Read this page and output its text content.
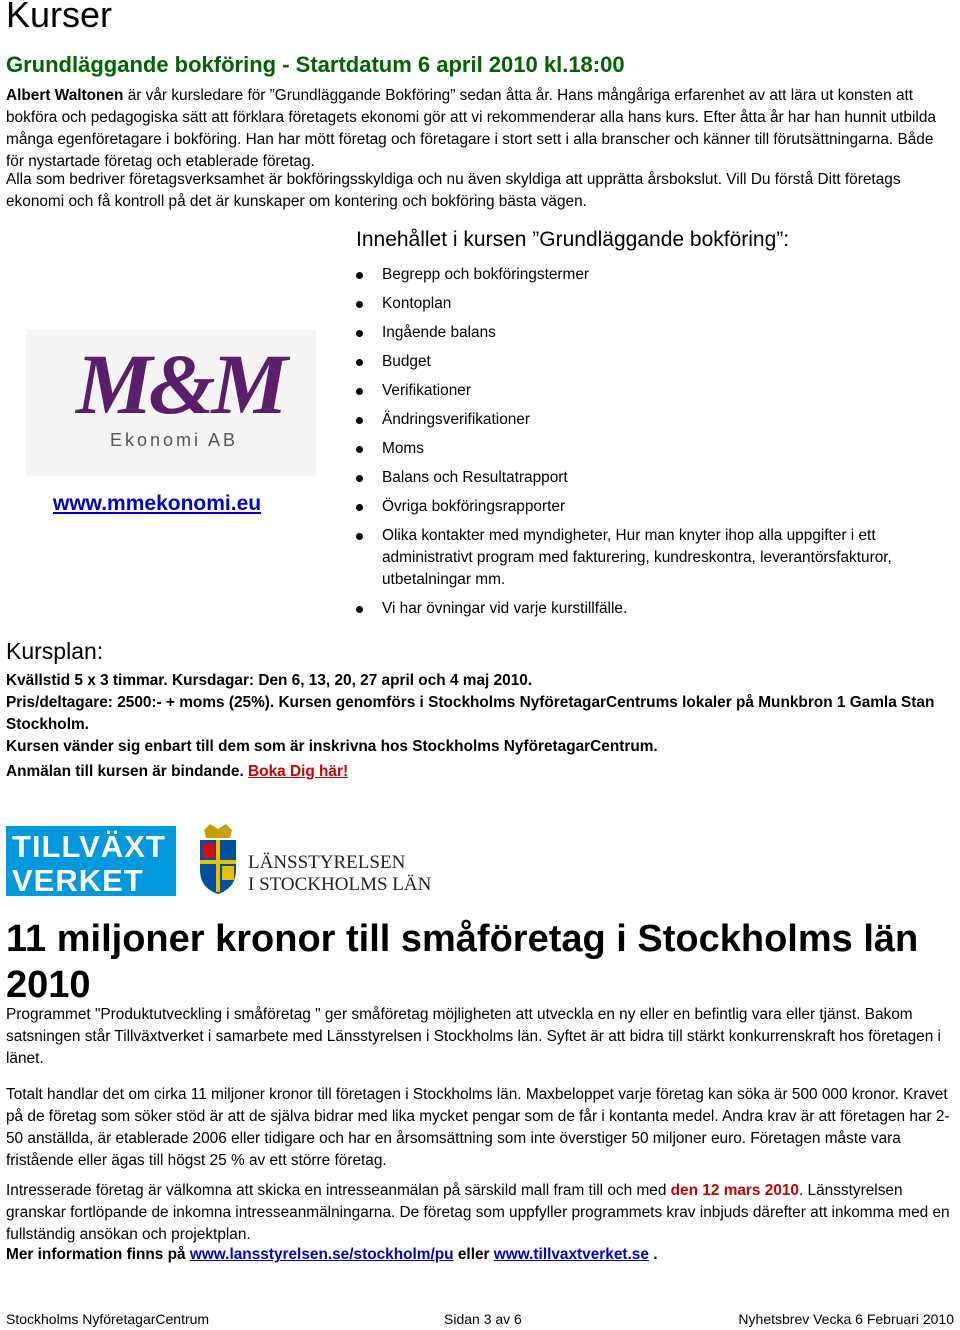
Kurser
Grundläggande bokföring - Startdatum 6 april 2010 kl.18:00

Albert Waltonen är vår kursledare för ”Grundläggande Bokföring” sedan åtta år. Hans mångåriga erfarenhet av att lära ut konsten att bokföra och pedagogiska sätt att förklara företagets ekonomi gör att vi rekommenderar alla hans kurs. Efter åtta år har han hunnit utbilda många egenföretagare i bokföring. Han har mött företag och företagare i stort sett i alla branscher och känner till förutsättningarna. Både för nystartade företag och etablerade företag.

Alla som bedriver företagsverksamhet är bokföringsskyldiga och nu även skyldiga att upprätta årsbokslut. Vill Du förstå Ditt företags ekonomi och få kontroll på det är kunskaper om kontering och bokföring bästa vägen.

M&M
Ekonomi AB
www.mmekonomi.eu
Innehållet i kursen ”Grundläggande bokföring”:
Begrepp och bokföringstermer
Kontoplan
Ingående balans
Budget
Verifikationer
Ändringsverifikationer
Moms
Balans och Resultatrapport
Övriga bokföringsrapporter
Olika kontakter med myndigheter, Hur man knyter ihop alla uppgifter i ett administrativt program med fakturering, kundreskontra, leverantörsfakturor, utbetalningar mm.
Vi har övningar vid varje kurstillfälle.
Kursplan:

Kvällstid 5 x 3 timmar. Kursdagar: Den 6, 13, 20, 27 april och 4 maj 2010.

Pris/deltagare: 2500:- + moms (25%). Kursen genomförs i Stockholms NyföretagarCentrums lokaler på Munkbron 1 Gamla Stan Stockholm.

Kursen vänder sig enbart till dem som är inskrivna hos Stockholms NyföretagarCentrum.

Anmälan till kursen är bindande. Boka Dig här!

TILLVÄXT
VERKET
LÄNSSTYRELSEN
I STOCKHOLMS LÄN
11 miljoner kronor till småföretag i Stockholms län 2010

Programmet "Produktutveckling i småföretag " ger småföretag möjligheten att utveckla en ny eller en befintlig vara eller tjänst. Bakom satsningen står Tillväxtverket i samarbete med Länsstyrelsen i Stockholms län. Syftet är att bidra till stärkt konkurrenskraft hos företagen i länet.

Totalt handlar det om cirka 11 miljoner kronor till företagen i Stockholms län. Maxbeloppet varje företag kan söka är 500 000 kronor. Kravet på de företag som söker stöd är att de själva bidrar med lika mycket pengar som de får i kontanta medel. Andra krav är att företagen har 2-50 anställda, är etablerade 2006 eller tidigare och har en årsomsättning som inte överstiger 50 miljoner euro. Företagen måste vara fristående eller ägas till högst 25 % av ett större företag.

Intresserade företag är välkomna att skicka en intresseanmälan på särskild mall fram till och med den 12 mars 2010. Länsstyrelsen granskar fortlöpande de inkomna intresseanmälningarna. De företag som uppfyller programmets krav inbjuds därefter att inkomma med en fullständig ansökan och projektplan.

Mer information finns på www.lansstyrelsen.se/stockholm/pu eller www.tillvaxtverket.se .

Stockholms NyföretagarCentrum	Sidan 3 av 6	Nyhetsbrev Vecka 6 Februari 2010
